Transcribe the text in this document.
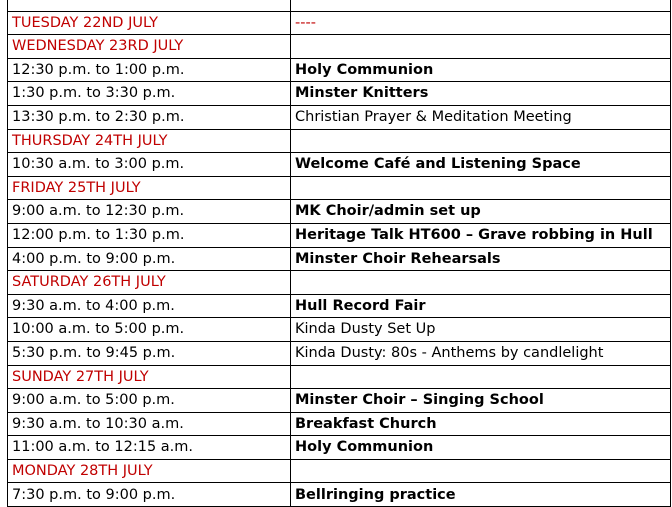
TUESDAY 22ND JULY	----
WEDNESDAY 23RD JULY	
12:30 p.m. to 1:00 p.m.	Holy Communion
1:30 p.m. to 3:30 p.m.	Minster Knitters
13:30 p.m. to 2:30 p.m.	Christian Prayer & Meditation Meeting
THURSDAY 24TH JULY	
10:30 a.m. to 3:00 p.m.	Welcome Café and Listening Space
FRIDAY 25TH JULY	
9:00 a.m. to 12:30 p.m.	MK Choir/admin set up
12:00 p.m. to 1:30 p.m.	Heritage Talk HT600 – Grave robbing in Hull
4:00 p.m. to 9:00 p.m.	Minster Choir Rehearsals
SATURDAY 26TH JULY	
9:30 a.m. to 4:00 p.m.	Hull Record Fair
10:00 a.m. to 5:00 p.m.	Kinda Dusty Set Up
5:30 p.m. to 9:45 p.m.	Kinda Dusty: 80s - Anthems by candlelight
SUNDAY 27TH JULY	
9:00 a.m. to 5:00 p.m.	Minster Choir – Singing School
9:30 a.m. to 10:30 a.m.	Breakfast Church
11:00 a.m. to 12:15 a.m.	Holy Communion
MONDAY 28TH JULY	
7:30 p.m. to 9:00 p.m.	Bellringing practice
